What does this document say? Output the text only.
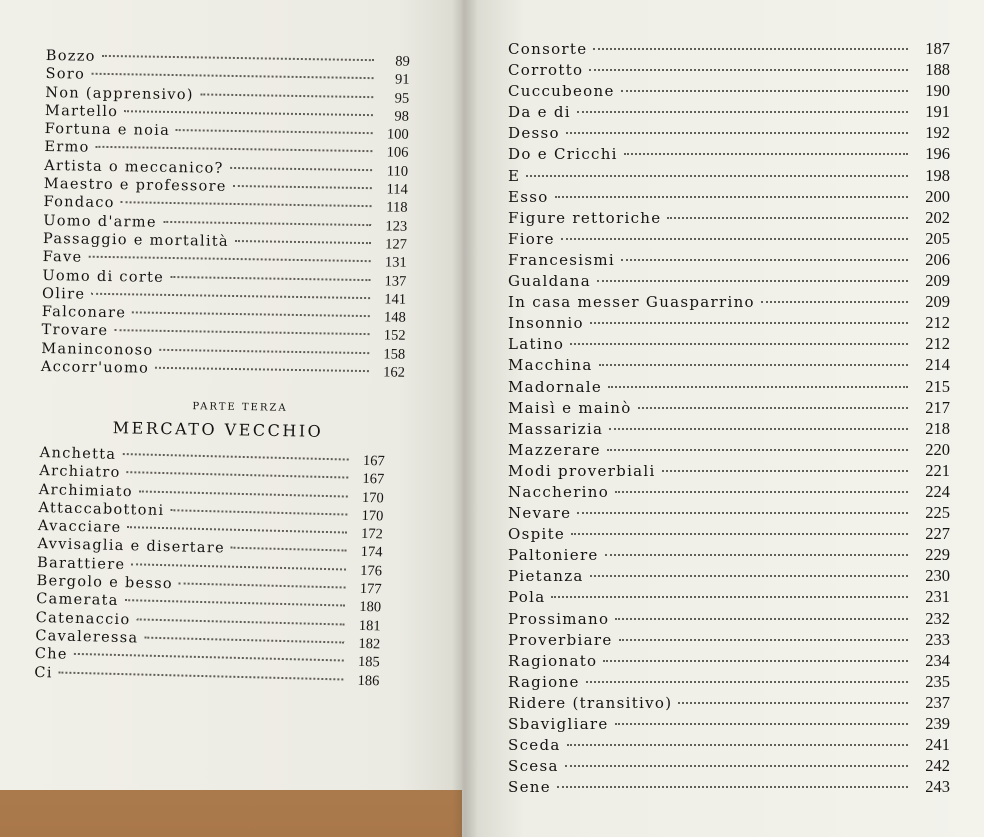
Bozzo	89
Soro	91
Non (apprensivo)	95
Martello	98
Fortuna e noia	100
Ermo	106
Artista o meccanico?	110
Maestro e professore	114
Fondaco	118
Uomo d'arme	123
Passaggio e mortalità	127
Fave	131
Uomo di corte	137
Olire	141
Falconare	148
Trovare	152
Maninconoso	158
Accorr'uomo	162
PARTE TERZA
MERCATO VECCHIO
Anchetta	167
Archiatro	167
Archimiato	170
Attaccabottoni	170
Avacciare	172
Avvisaglia e disertare	174
Barattiere	176
Bergolo e besso	177
Camerata	180
Catenaccio	181
Cavaleressa	182
Che	185
Ci	186
Consorte	187
Corrotto	188
Cuccubeone	190
Da e di	191
Desso	192
Do e Cricchi	196
E	198
Esso	200
Figure rettoriche	202
Fiore	205
Francesismi	206
Gualdana	209
In casa messer Guasparrino	209
Insonnio	212
Latino	212
Macchina	214
Madornale	215
Maisì e mainò	217
Massarizia	218
Mazzerare	220
Modi proverbiali	221
Naccherino	224
Nevare	225
Ospite	227
Paltoniere	229
Pietanza	230
Pola	231
Prossimano	232
Proverbiare	233
Ragionato	234
Ragione	235
Ridere (transitivo)	237
Sbavigliare	239
Sceda	241
Scesa	242
Sene	243
